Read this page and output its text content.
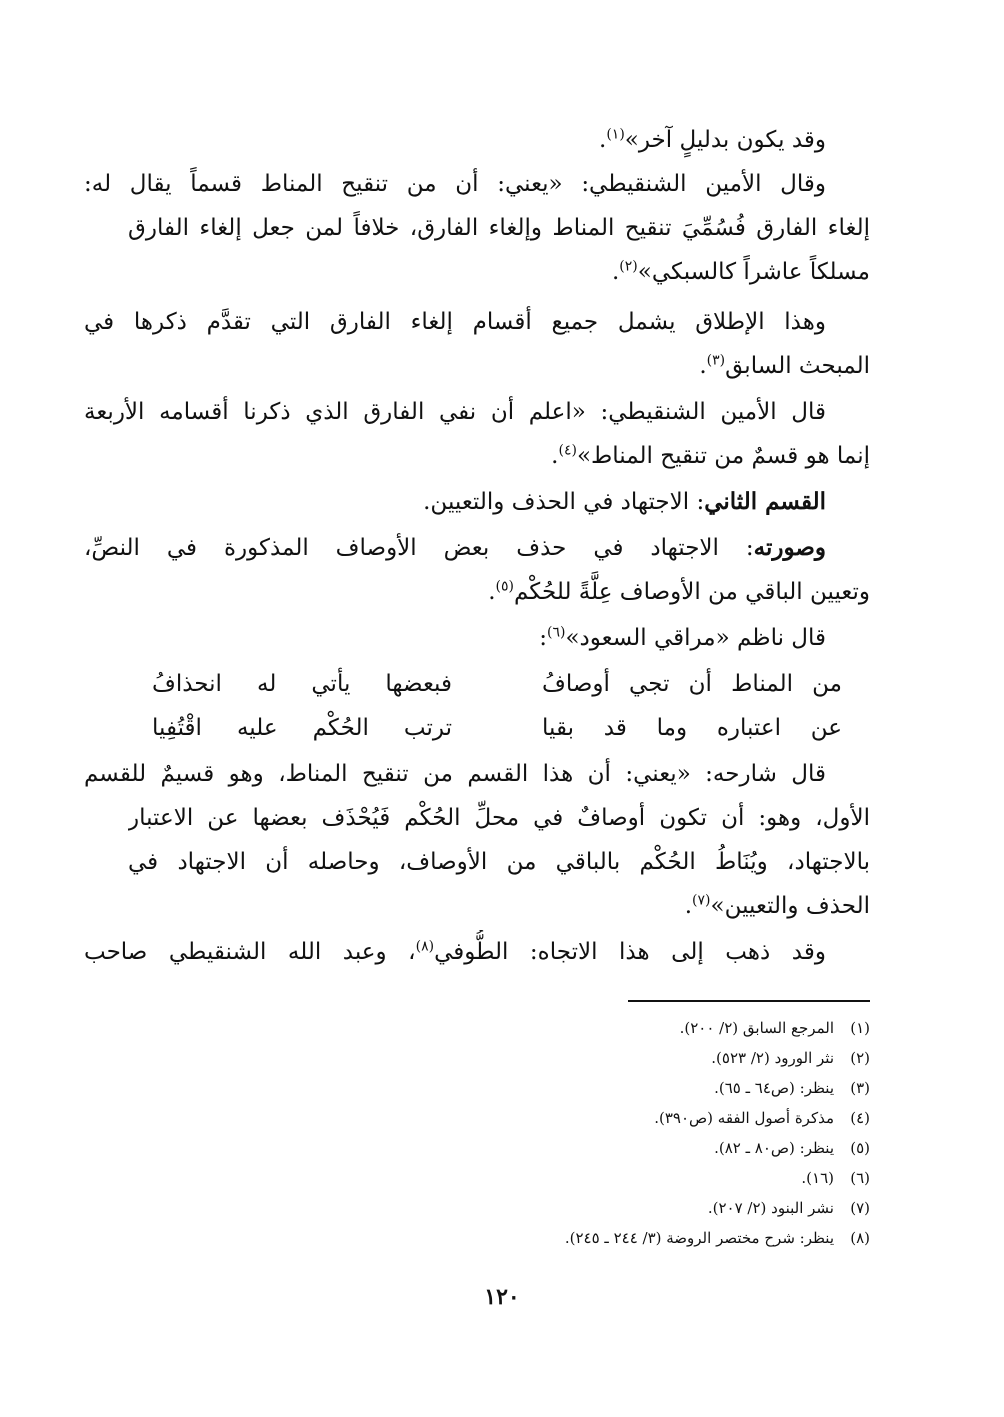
وقد يكون بدليلٍ آخر»$^{(١)}$.
وقال الأمين الشنقيطي: «يعني: أن من تنقيح المناط قسماً يقال له:
إلغاء الفارق فُسُمِّيَ تنقيح المناط وإلغاء الفارق، خلافاً لمن جعل إلغاء الفارق
مسلكاً عاشراً كالسبكي»$^{(٢)}$.
وهذا الإطلاق يشمل جميع أقسام إلغاء الفارق التي تقدَّم ذكرها في
المبحث السابق$^{(٣)}$.
قال الأمين الشنقيطي: «اعلم أن نفي الفارق الذي ذكرنا أقسامه الأربعة
إنما هو قسمٌ من تنقيح المناط»$^{(٤)}$.
القسم الثاني: الاجتهاد في الحذف والتعيين.
وصورته: الاجتهاد في حذف بعض الأوصاف المذكورة في النصِّ،
وتعيين الباقي من الأوصاف عِلَّةً للحُكْم$^{(٥)}$.
قال ناظم «مراقي السعود»$^{(٦)}$:
من المناط أن تجي أوصافُ
فبعضها يأتي له انحذافُ
عن اعتباره وما قد بقيا
ترتب الحُكْم عليه اقْتُفِيا
قال شارحه: «يعني: أن هذا القسم من تنقيح المناط، وهو قسيمٌ للقسم
الأول، وهو: أن تكون أوصافٌ في محلِّ الحُكْم فَيُحْذَف بعضها عن الاعتبار
بالاجتهاد، ويُنَاطُ الحُكْم بالباقي من الأوصاف، وحاصله أن الاجتهاد في
الحذف والتعيين»$^{(٧)}$.
وقد ذهب إلى هذا الاتجاه: الطُّوفي$^{(٨)}$، وعبد الله الشنقيطي صاحب
(١)المرجع السابق (٢/ ٢٠٠).
(٢)نثر الورود (٢/ ٥٢٣).
(٣)ينظر: (ص٦٤ ـ ٦٥).
(٤)مذكرة أصول الفقه (ص٣٩٠).
(٥)ينظر: (ص٨٠ ـ ٨٢).
(٦)(١٦).
(٧)نشر البنود (٢/ ٢٠٧).
(٨)ينظر: شرح مختصر الروضة (٣/ ٢٤٤ ـ ٢٤٥).
١٢٠
